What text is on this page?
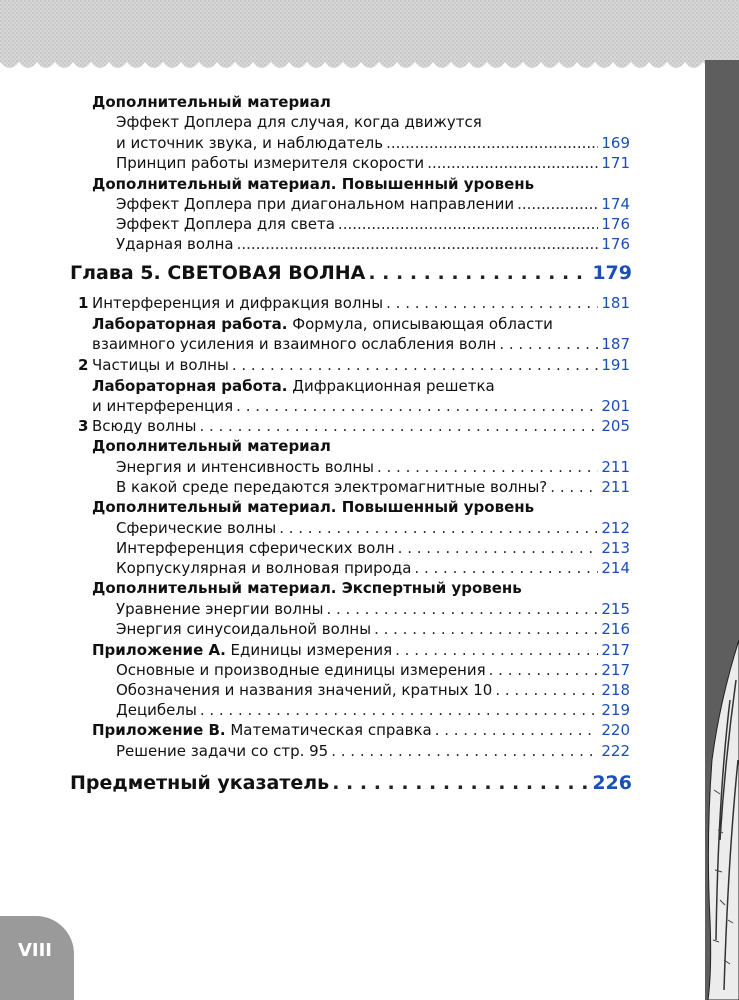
VIII
Дополнительный материал
Эффект Доплера для случая, когда движутся
и источник звука, и наблюдатель .....	169
Принцип работы измерителя скорости .....	171
Дополнительный материал. Повышенный уровень
Эффект Доплера при диагональном направлении .....	174
Эффект Доплера для света .....	176
Ударная волна .....	176
Глава 5. СВЕТОВАЯ ВОЛНА . . .	179
1 Интерференция и дифракция волны . . .	181
Лабораторная работа. Формула, описывающая области
взаимного усиления и взаимного ослабления волн . . .	187
2 Частицы и волны . . .	191
Лабораторная работа. Дифракционная решетка
и интерференция . . .	201
3 Всюду волны . . .	205
Дополнительный материал
Энергия и интенсивность волны . . .	211
В какой среде передаются электромагнитные волны? . . .	211
Дополнительный материал. Повышенный уровень
Сферические волны . . .	212
Интерференция сферических волн . . .	213
Корпускулярная и волновая природа . . .	214
Дополнительный материал. Экспертный уровень
Уравнение энергии волны . . .	215
Энергия синусоидальной волны . . .	216
Приложение А. Единицы измерения . . .	217
Основные и производные единицы измерения . . .	217
Обозначения и названия значений, кратных 10 . . .	218
Децибелы . . .	219
Приложение В. Математическая справка . . .	220
Решение задачи со стр. 95 . . .	222
Предметный указатель . . .	226
